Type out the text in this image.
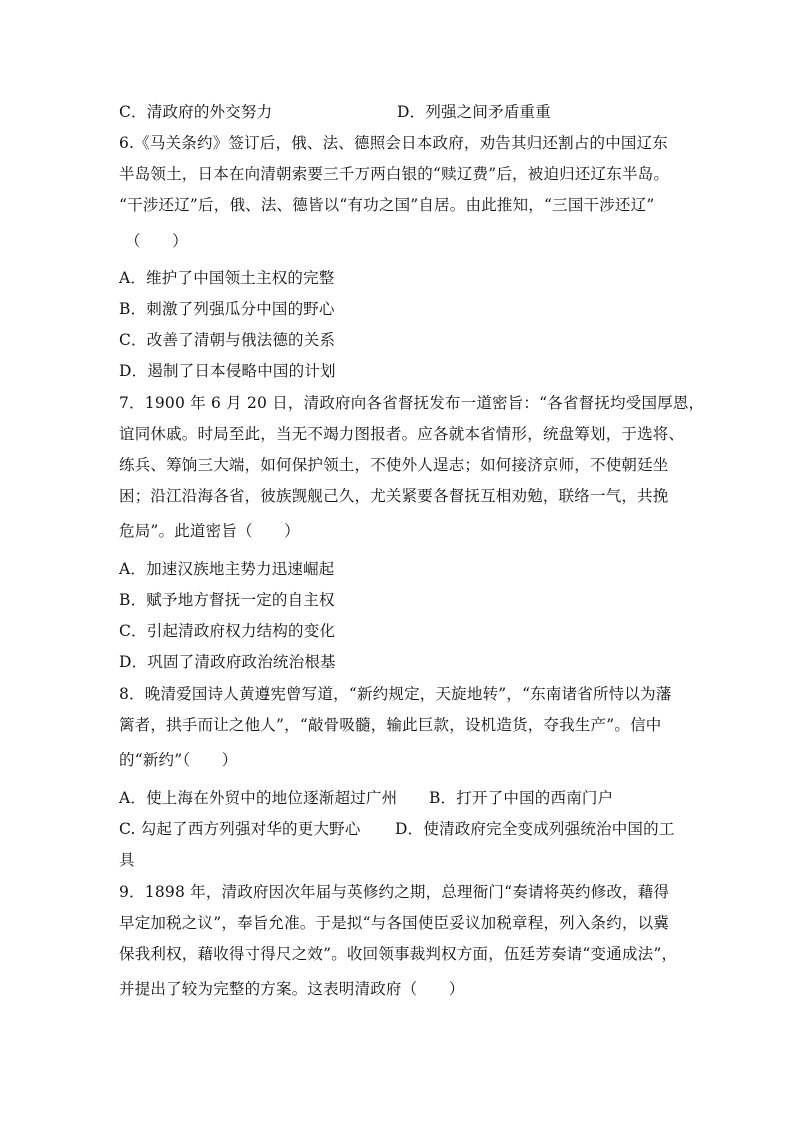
C．清政府的外交努力	D．列强之间矛盾重重
6.《马关条约》签订后，俄、法、德照会日本政府，劝告其归还割占的中国辽东
半岛领土，日本在向清朝索要三千万两白银的“赎辽费”后，被迫归还辽东半岛。
“干涉还辽”后，俄、法、德皆以“有功之国”自居。由此推知，“三国干涉还辽”
（　　）
A．维护了中国领土主权的完整
B．刺激了列强瓜分中国的野心
C．改善了清朝与俄法德的关系
D．遏制了日本侵略中国的计划
7．1900 年 6 月 20 日，清政府向各省督抚发布一道密旨：“各省督抚均受国厚恩，
谊同休戚。时局至此，当无不竭力图报者。应各就本省情形，统盘筹划，于选将、
练兵、筹饷三大端，如何保护领土，不使外人逞志；如何接济京师，不使朝廷坐
困；沿江沿海各省，彼族觊舰己久，尤关紧要各督抚互相劝勉，联络一气，共挽
危局”。此道密旨（　　）
A．加速汉族地主势力迅速崛起
B．赋予地方督抚一定的自主权
C．引起清政府权力结构的变化
D．巩固了清政府政治统治根基
8．晚清爱国诗人黄遵宪曾写道，“新约规定，天旋地转”，“东南诸省所恃以为藩
篱者，拱手而让之他人”，“敲骨吸髓，输此巨款，设机造货，夺我生产”。信中
的“新约”（　　）
A．使上海在外贸中的地位逐渐超过广州 B．打开了中国的西南门户
C. 勾起了西方列强对华的更大野心 D．使清政府完全变成列强统治中国的工
具
9．1898 年，清政府因次年届与英修约之期，总理衙门“奏请将英约修改，藉得
早定加税之议”，奉旨允准。于是拟“与各国使臣妥议加税章程，列入条约，以冀
保我利权，藉收得寸得尺之效”。收回领事裁判权方面，伍廷芳奏请“变通成法”，
并提出了较为完整的方案。这表明清政府（　　）
